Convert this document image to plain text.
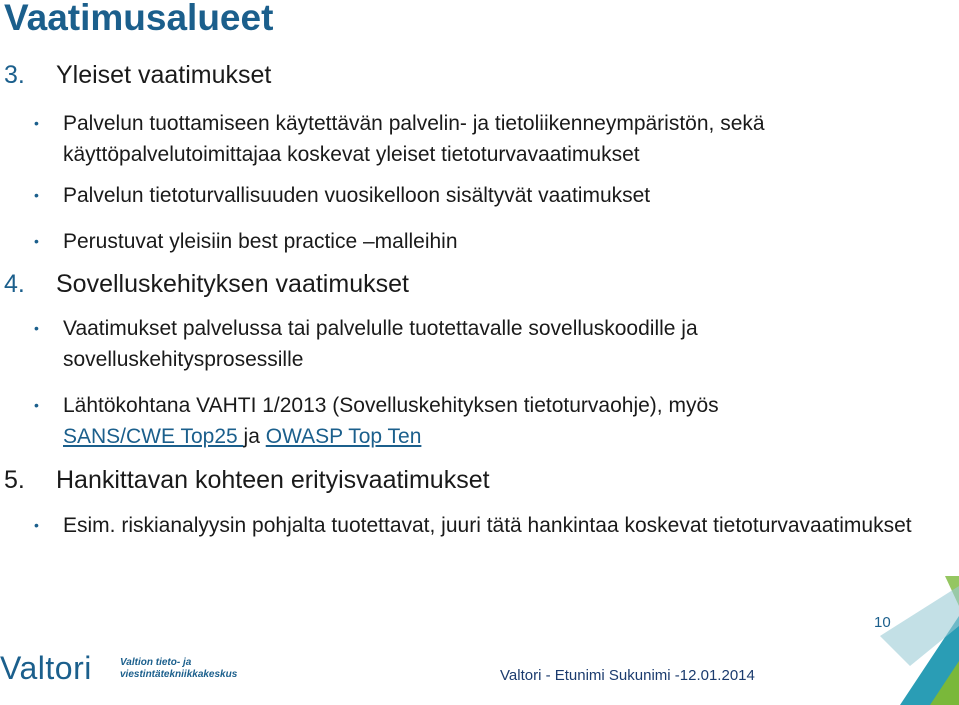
Vaatimusalueet
3. Yleiset vaatimukset
• Palvelun tuottamiseen käytettävän palvelin- ja tietoliikenneympäristön, sekä käyttöpalvelutoimittajaa koskevat yleiset tietoturvavaatimukset
• Palvelun tietoturvallisuuden vuosikelloon sisältyvät vaatimukset
• Perustuvat yleisiin best practice –malleihin
4. Sovelluskehityksen vaatimukset
• Vaatimukset palvelussa tai palvelulle tuotettavalle sovelluskoodille ja sovelluskehitysprosessille
• Lähtökohtana VAHTI 1/2013 (Sovelluskehityksen tietoturvaohje), myös
SANS/CWE Top25 ja OWASP Top Ten
5. Hankittavan kohteen erityisvaatimukset
• Esim. riskianalyysin pohjalta tuotettavat, juuri tätä hankintaa koskevat tietoturvavaatimukset
10
Valtori	Valtion tieto- ja
viestintätekniikkakeskus	Valtori - Etunimi Sukunimi -12.01.2014
